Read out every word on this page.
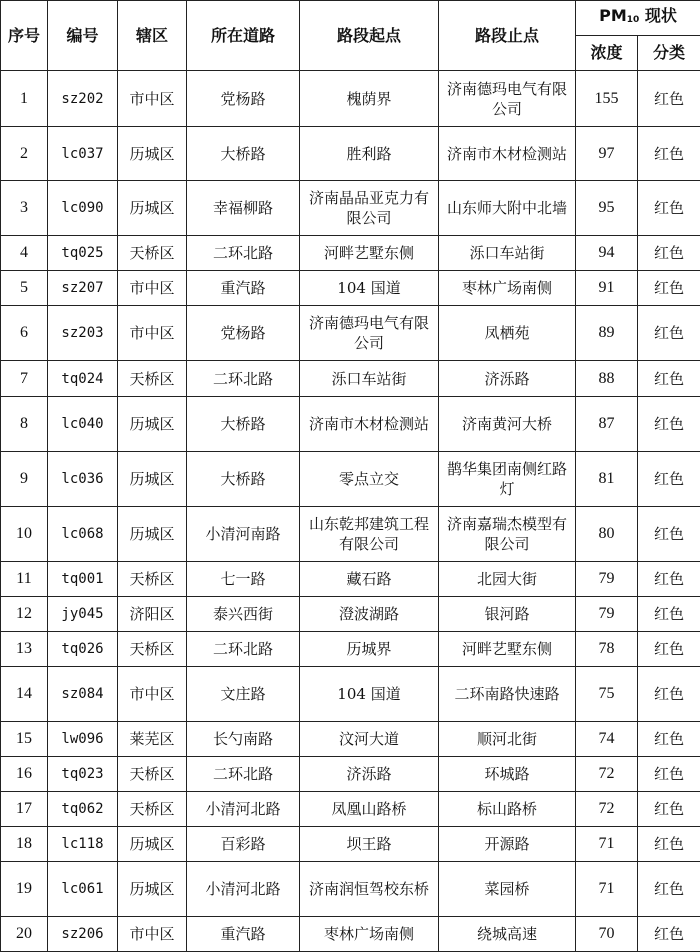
序号	编号	辖区	所在道路	路段起点	路段止点	$PM_{10}$ 现状	
						浓度	分类
1	sz202	市中区	党杨路	槐荫界	济南德玛电气有限公司	155	红色
2	lc037	历城区	大桥路	胜利路	济南市木材检测站	97	红色
3	lc090	历城区	幸福柳路	济南晶品亚克力有限公司	山东师大附中北墙	95	红色
4	tq025	天桥区	二环北路	河畔艺墅东侧	泺口车站街	94	红色
5	sz207	市中区	重汽路	104 国道	枣林广场南侧	91	红色
6	sz203	市中区	党杨路	济南德玛电气有限公司	凤栖苑	89	红色
7	tq024	天桥区	二环北路	泺口车站街	济泺路	88	红色
8	lc040	历城区	大桥路	济南市木材检测站	济南黄河大桥	87	红色
9	lc036	历城区	大桥路	零点立交	鹊华集团南侧红路灯	81	红色
10	lc068	历城区	小清河南路	山东乾邦建筑工程有限公司	济南嘉瑞杰模型有限公司	80	红色
11	tq001	天桥区	七一路	藏石路	北园大街	79	红色
12	jy045	济阳区	泰兴西街	澄波湖路	银河路	79	红色
13	tq026	天桥区	二环北路	历城界	河畔艺墅东侧	78	红色
14	sz084	市中区	文庄路	104 国道	二环南路快速路	75	红色
15	lw096	莱芜区	长勺南路	汶河大道	顺河北街	74	红色
16	tq023	天桥区	二环北路	济泺路	环城路	72	红色
17	tq062	天桥区	小清河北路	凤凰山路桥	标山路桥	72	红色
18	lc118	历城区	百彩路	坝王路	开源路	71	红色
19	lc061	历城区	小清河北路	济南润恒驾校东桥	菜园桥	71	红色
20	sz206	市中区	重汽路	枣林广场南侧	绕城高速	70	红色
